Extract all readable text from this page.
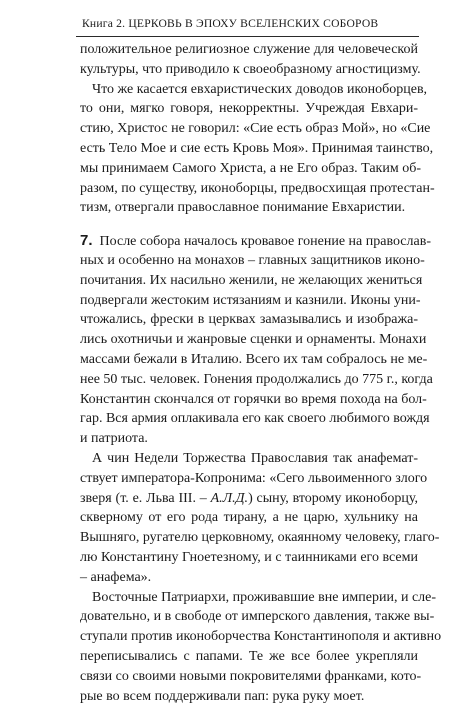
Книга 2. ЦЕРКОВЬ В ЭПОХУ ВСЕЛЕНСКИХ СОБОРОВ
положительное религиозное служение для человеческой
культуры, что приводило к своеобразному агностицизму.
Что же касается евхаристических доводов иконоборцев,
то они, мягко говоря, некорректны. Учреждая Евхари-
стию, Христос не говорил: «Сие есть образ Мой», но «Сие
есть Тело Мое и сие есть Кровь Моя». Принимая таинство,
мы принимаем Самого Христа, а не Его образ. Таким об-
разом, по существу, иконоборцы, предвосхищая протестан-
тизм, отвергали православное понимание Евхаристии.
7. После собора началось кровавое гонение на православ-
ных и особенно на монахов – главных защитников иконо-
почитания. Их насильно женили, не желающих жениться
подвергали жестоким истязаниям и казнили. Иконы уни-
чтожались, фрески в церквах замазывались и изобража-
лись охотничьи и жанровые сценки и орнаменты. Монахи
массами бежали в Италию. Всего их там собралось не ме-
нее 50 тыс. человек. Гонения продолжались до 775 г., когда
Константин скончался от горячки во время похода на бол-
гар. Вся армия оплакивала его как своего любимого вождя
и патриота.
А чин Недели Торжества Православия так анафемат-
ствует императора-Копронима: «Сего львоименного злого
зверя (т. е. Льва III. – А.Л.Д.) сыну, второму иконоборцу,
скверному от его рода тирану, а не царю, хульнику на
Вышняго, ругателю церковному, окаянному человеку, глаго-
лю Константину Гноетезному, и с таинниками его всеми
– анафема».
Восточные Патриархи, проживавшие вне империи, и сле-
довательно, и в свободе от имперского давления, также вы-
ступали против иконоборчества Константинополя и активно
переписывались с папами. Те же все более укрепляли
связи со своими новыми покровителями франками, кото-
рые во всем поддерживали пап: рука руку моет.
